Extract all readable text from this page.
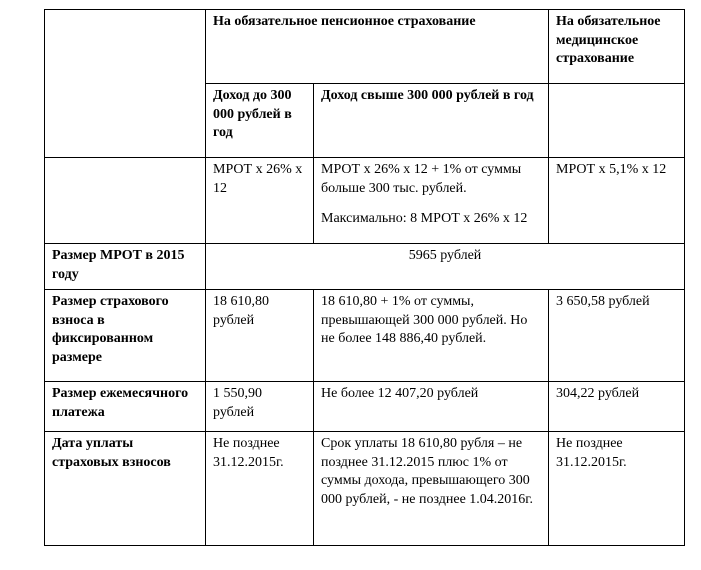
	На обязательное пенсионное страхование		На обязательное медицинское страхование

	Доход до 300 000 рублей в год	Доход свыше 300 000 рублей в год	

	МРОТ х 26% х 12	МРОТ х 26% х 12 + 1% от суммы больше 300 тыс. рублей.
Максимально: 8 МРОТ х 26% х 12	МРОТ х 5,1% х 12

Размер МРОТ в 2015 году	5965 рублей		

Размер страхового взноса в фиксированном размере	18 610,80 рублей	18 610,80 + 1% от суммы, превышающей 300 000 рублей. Но не более 148 886,40 рублей.	3 650,58 рублей

Размер ежемесячного платежа	1 550,90 рублей	Не более 12 407,20 рублей	304,22 рублей

Дата уплаты страховых взносов	Не позднее 31.12.2015г.	Срок уплаты 18 610,80 рубля – не позднее 31.12.2015 плюс 1% от суммы дохода, превышающего 300 000 рублей, - не позднее 1.04.2016г.	Не позднее 31.12.2015г.
